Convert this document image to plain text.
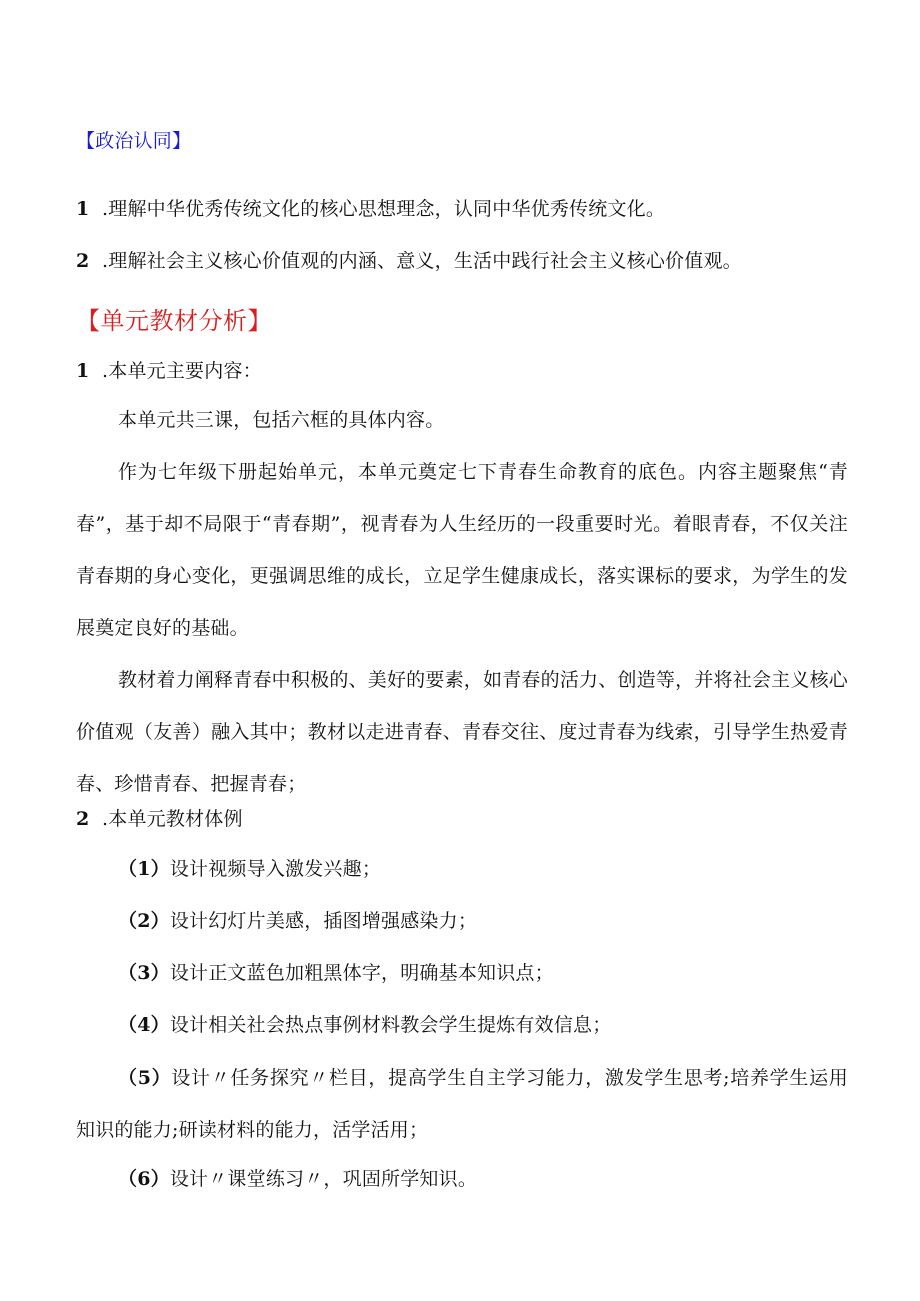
【政治认同】
1 .理解中华优秀传统文化的核心思想理念，认同中华优秀传统文化。
2 .理解社会主义核心价值观的内涵、意义，生活中践行社会主义核心价值观。
【单元教材分析】
1 .本单元主要内容：
本单元共三课，包括六框的具体内容。
作为七年级下册起始单元，本单元奠定七下青春生命教育的底色。内容主题聚焦“青春”，基于却不局限于“青春期”，视青春为人生经历的一段重要时光。着眼青春，不仅关注青春期的身心变化，更强调思维的成长，立足学生健康成长，落实课标的要求，为学生的发展奠定良好的基础。
教材着力阐释青春中积极的、美好的要素，如青春的活力、创造等，并将社会主义核心价值观（友善）融入其中；教材以走进青春、青春交往、度过青春为线索，引导学生热爱青春、珍惜青春、把握青春；
2 .本单元教材体例
（1）设计视频导入激发兴趣；
（2）设计幻灯片美感，插图增强感染力；
（3）设计正文蓝色加粗黑体字，明确基本知识点；
（4）设计相关社会热点事例材料教会学生提炼有效信息；
（5）设计〃任务探究〃栏目，提高学生自主学习能力，激发学生思考;培养学生运用知识的能力;研读材料的能力，活学活用；
（6）设计〃课堂练习〃，巩固所学知识。
